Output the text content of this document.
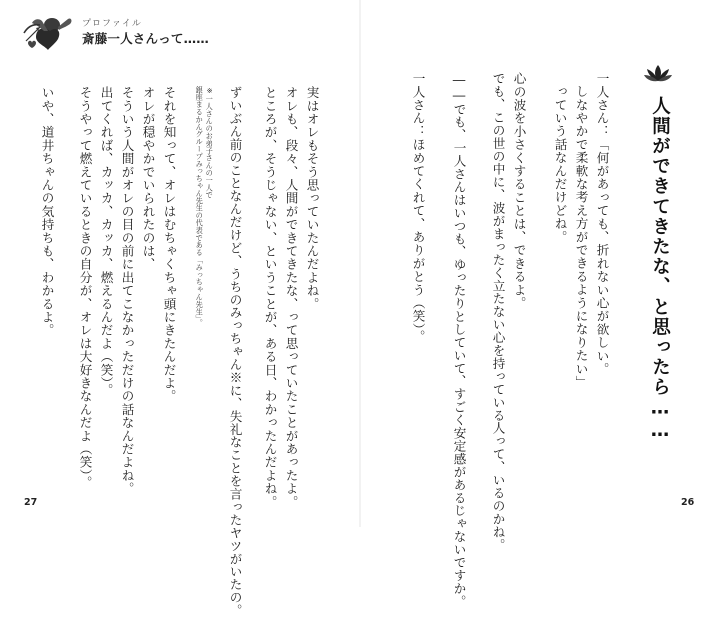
プロファイル
斎藤一人さんって……
人間ができてきたな、と思ったら……
一人さん：「何があっても、折れない心が欲しい。
しなやかで柔軟な考え方ができるようになりたい」
っていう話なんだけどね。
心の波を小さくすることは、できるよ。
でも、この世の中に、波がまったく立たない心を持っている人って、いるのかね。
――でも、一人さんはいつも、ゆったりとしていて、すごく安定感があるじゃないですか。
一人さん：ほめてくれて、ありがとう（笑）。
26
実はオレもそう思っていたんだよね。
オレも、段々、人間ができてきたな、って思っていたことがあったよ。
ところが、そうじゃない、ということが、ある日、わかったんだよね。
ずいぶん前のことなんだけど、うちのみっちゃん※に、失礼なことを言ったヤツがいたの。
※一人さんのお弟子さんの一人で
銀座まるかんグループみっちゃん先生の代表である「みっちゃん先生」。
それを知って、オレはむちゃくちゃ頭にきたんだよ。
オレが穏やかでいられたのは、
そういう人間がオレの目の前に出てこなかっただけの話なんだよね。
出てくれば、カッカ、カッカ、燃えるんだよ（笑）。
そうやって燃えているときの自分が、オレは大好きなんだよ（笑）。
いや、道井ちゃんの気持ちも、わかるよ。
27
